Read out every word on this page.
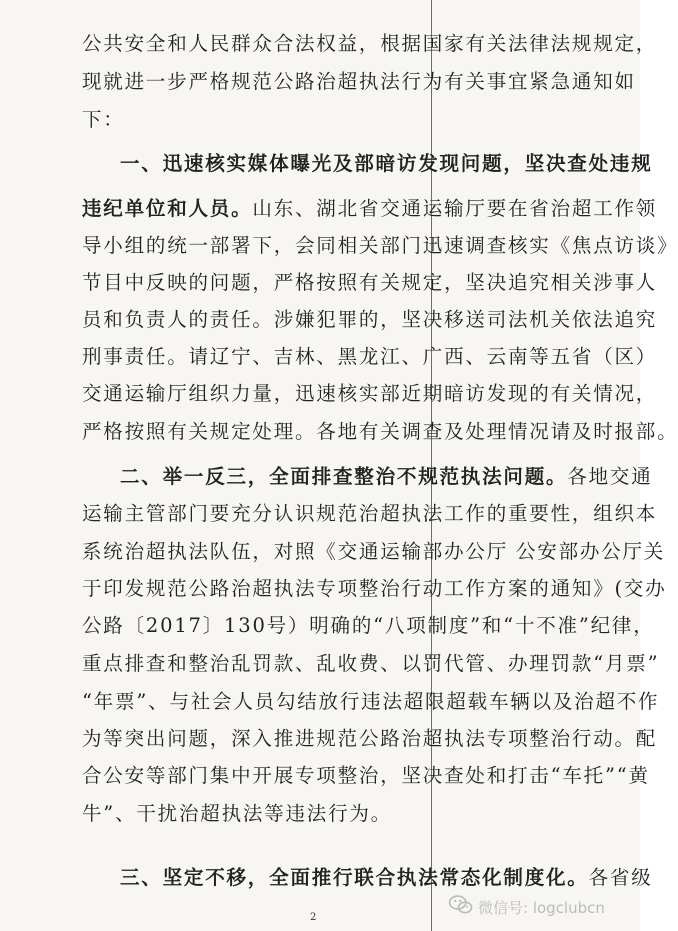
公共安全和人民群众合法权益，根据国家有关法律法规规定，
现就进一步严格规范公路治超执法行为有关事宜紧急通知如
下：
一、迅速核实媒体曝光及部暗访发现问题，坚决查处违规
违纪单位和人员。山东、湖北省交通运输厅要在省治超工作领
导小组的统一部署下，会同相关部门迅速调查核实《焦点访谈》
节目中反映的问题，严格按照有关规定，坚决追究相关涉事人
员和负责人的责任。涉嫌犯罪的，坚决移送司法机关依法追究
刑事责任。请辽宁、吉林、黑龙江、广西、云南等五省（区）
交通运输厅组织力量，迅速核实部近期暗访发现的有关情况，
严格按照有关规定处理。各地有关调查及处理情况请及时报部。
二、举一反三，全面排查整治不规范执法问题。各地交通
运输主管部门要充分认识规范治超执法工作的重要性，组织本
系统治超执法队伍，对照《交通运输部办公厅 公安部办公厅关
于印发规范公路治超执法专项整治行动工作方案的通知》(交办
公路〔2017〕130号）明确的“八项制度”和“十不准”纪律，
重点排查和整治乱罚款、乱收费、以罚代管、办理罚款“月票”
“年票”、与社会人员勾结放行违法超限超载车辆以及治超不作
为等突出问题，深入推进规范公路治超执法专项整治行动。配
合公安等部门集中开展专项整治，坚决查处和打击“车托”“黄
牛”、干扰治超执法等违法行为。
三、坚定不移，全面推行联合执法常态化制度化。各省级
2
微信号: logclubcn
